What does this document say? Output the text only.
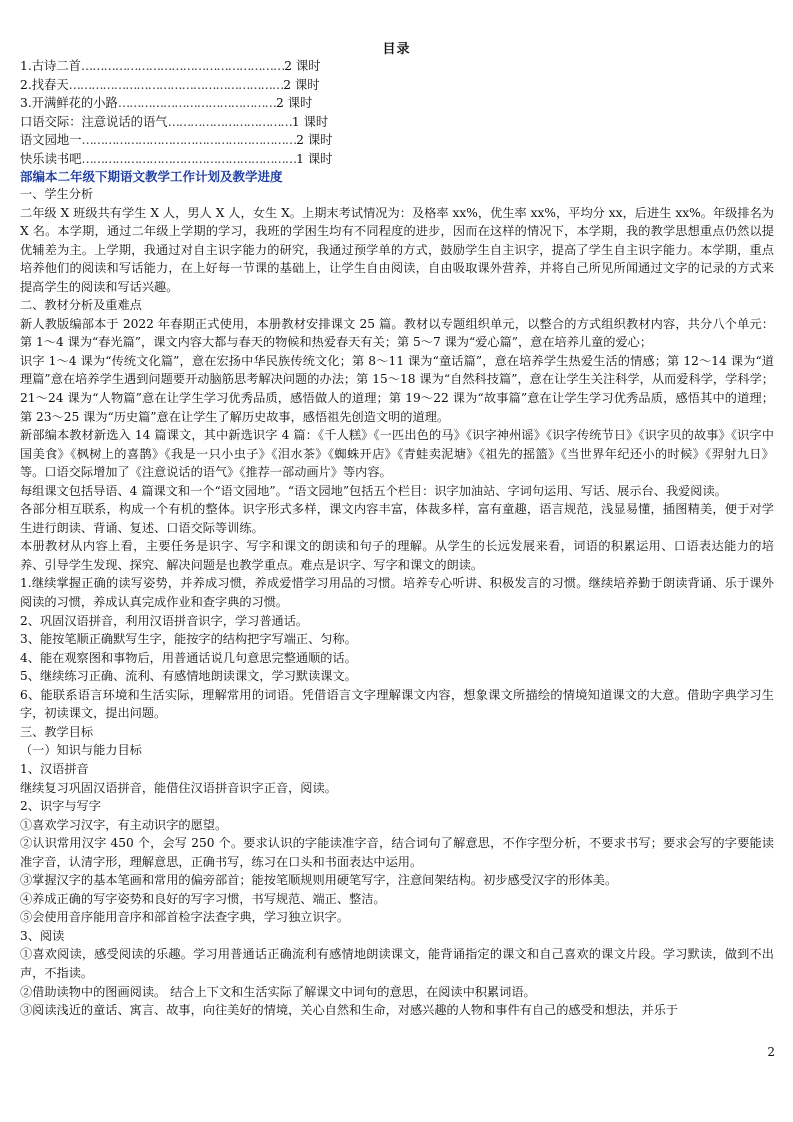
目录
1.古诗二首………………………………………………2 课时
2.找春天…………………………………………………2 课时
3.开满鲜花的小路……………………………………2 课时
口语交际：注意说话的语气……………………………1 课时
语文园地一…………………………………………………2 课时
快乐读书吧…………………………………………………1 课时
部编本二年级下期语文教学工作计划及教学进度

一、学生分析

二年级 X 班级共有学生 X 人，男人 X 人，女生 X。上期末考试情况为：及格率 xx%，优生率 xx%，平均分 xx，后进生 xx%。年级排名为 X 名。本学期，通过二年级上学期的学习，我班的学困生均有不同程度的进步，因而在这样的情况下，本学期，我的教学思想重点仍然以提优辅差为主。上学期，我通过对自主识字能力的研究，我通过预学单的方式，鼓励学生自主识字，提高了学生自主识字能力。本学期，重点培养他们的阅读和写话能力，在上好每一节课的基础上，让学生自由阅读，自由吸取课外营养，并将自己所见所闻通过文字的记录的方式来提高学生的阅读和写话兴趣。

二、教材分析及重难点

新人教版编部本于 2022 年春期正式使用，本册教材安排课文 25 篇。教材以专题组织单元，以整合的方式组织教材内容，共分八个单元：第 1～4 课为“春光篇”，课文内容大都与春天的物候和热爱春天有关；第 5～7 课为“爱心篇”，意在培养儿童的爱心；

识字 1～4 课为“传统文化篇”，意在宏扬中华民族传统文化；第 8～11 课为“童话篇”，意在培养学生热爱生活的情感；第 12～14 课为“道理篇”意在培养学生遇到问题要开动脑筋思考解决问题的办法；第 15～18 课为“自然科技篇”，意在让学生关注科学，从而爱科学，学科学；21～24 课为“人物篇”意在让学生学习优秀品质，感悟做人的道理；第 19～22 课为“故事篇”意在让学生学习优秀品质，感悟其中的道理；第 23～25 课为“历史篇”意在让学生了解历史故事，感悟祖先创造文明的道理。

新部编本教材新选入 14 篇课文，其中新选识字 4 篇：《千人糕》《一匹出色的马》《识字神州谣》《识字传统节日》《识字贝的故事》《识字中国美食》《枫树上的喜鹊》《我是一只小虫子》《泪水茶》《蜘蛛开店》《青蛙卖泥塘》《祖先的摇篮》《当世界年纪还小的时候》《羿射九日》等。口语交际增加了《注意说话的语气》《推荐一部动画片》等内容。

每组课文包括导语、4 篇课文和一个“语文园地”。“语文园地”包括五个栏目：识字加油站、字词句运用、写话、展示台、我爱阅读。

各部分相互联系，构成一个有机的整体。识字形式多样，课文内容丰富，体裁多样，富有童趣，语言规范，浅显易懂，插图精美，便于对学生进行朗读、背诵、复述、口语交际等训练。

本册教材从内容上看，主要任务是识字、写字和课文的朗读和句子的理解。从学生的长远发展来看，词语的积累运用、口语表达能力的培养、引导学生发现、探究、解决问题是也教学重点。难点是识字、写字和课文的朗读。

1.继续掌握正确的读写姿势，并养成习惯，养成爱惜学习用品的习惯。培养专心听讲、积极发言的习惯。继续培养勤于朗读背诵、乐于课外阅读的习惯，养成认真完成作业和查字典的习惯。

2、巩固汉语拼音，利用汉语拼音识字，学习普通话。

3、能按笔顺正确默写生字，能按字的结构把字写端正、匀称。

4、能在观察图和事物后，用普通话说几句意思完整通顺的话。

5、继续练习正确、流利、有感情地朗读课文，学习默读课文。

6、能联系语言环境和生活实际，理解常用的词语。凭借语言文字理解课文内容，想象课文所描绘的情境知道课文的大意。借助字典学习生字，初读课文，提出问题。

三、教学目标

（一）知识与能力目标

1、汉语拼音

继续复习巩固汉语拼音，能借住汉语拼音识字正音，阅读。

2、识字与写字

①喜欢学习汉字，有主动识字的愿望。

②认识常用汉字 450 个，会写 250 个。要求认识的字能读准字音，结合词句了解意思，不作字型分析，不要求书写；要求会写的字要能读准字音，认清字形，理解意思，正确书写，练习在口头和书面表达中运用。

③掌握汉字的基本笔画和常用的偏旁部首；能按笔顺规则用硬笔写字，注意间架结构。初步感受汉字的形体美。

④养成正确的写字姿势和良好的写字习惯，书写规范、端正、整洁。

⑤会使用音序能用音序和部首检字法查字典，学习独立识字。

3、阅读

①喜欢阅读，感受阅读的乐趣。学习用普通话正确流利有感情地朗读课文，能背诵指定的课文和自己喜欢的课文片段。学习默读，做到不出声，不指读。

②借助读物中的图画阅读。 结合上下文和生活实际了解课文中词句的意思，在阅读中积累词语。

③阅读浅近的童话、寓言、故事，向往美好的情境，关心自然和生命，对感兴趣的人物和事件有自己的感受和想法，并乐于

2
